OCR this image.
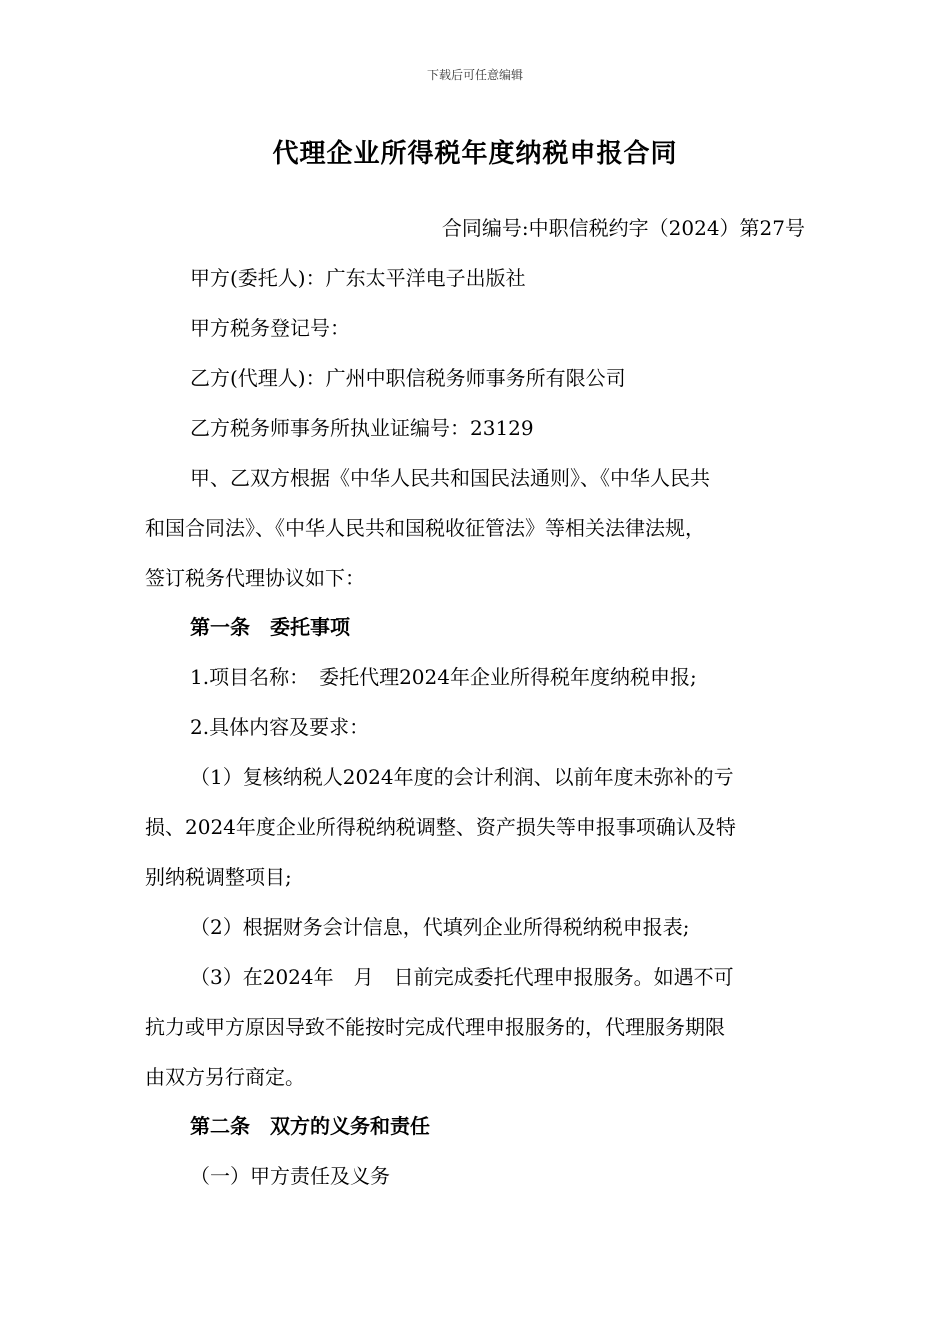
下载后可任意编辑
代理企业所得税年度纳税申报合同
合同编号:中职信税约字（2024）第27号
甲方(委托人)：广东太平洋电子出版社
甲方税务登记号：
乙方(代理人)：广州中职信税务师事务所有限公司
乙方税务师事务所执业证编号：23129
甲、乙双方根据《中华人民共和国民法通则》、《中华人民共
和国合同法》、《中华人民共和国税收征管法》等相关法律法规，
签订税务代理协议如下：
第一条　委托事项
1.项目名称：　委托代理2024年企业所得税年度纳税申报;
2.具体内容及要求：
（1）复核纳税人2024年度的会计利润、以前年度未弥补的亏
损、2024年度企业所得税纳税调整、资产损失等申报事项确认及特
别纳税调整项目;
（2）根据财务会计信息，代填列企业所得税纳税申报表;
（3）在2024年　月　日前完成委托代理申报服务。如遇不可
抗力或甲方原因导致不能按时完成代理申报服务的，代理服务期限
由双方另行商定。
第二条　双方的义务和责任
（一）甲方责任及义务
